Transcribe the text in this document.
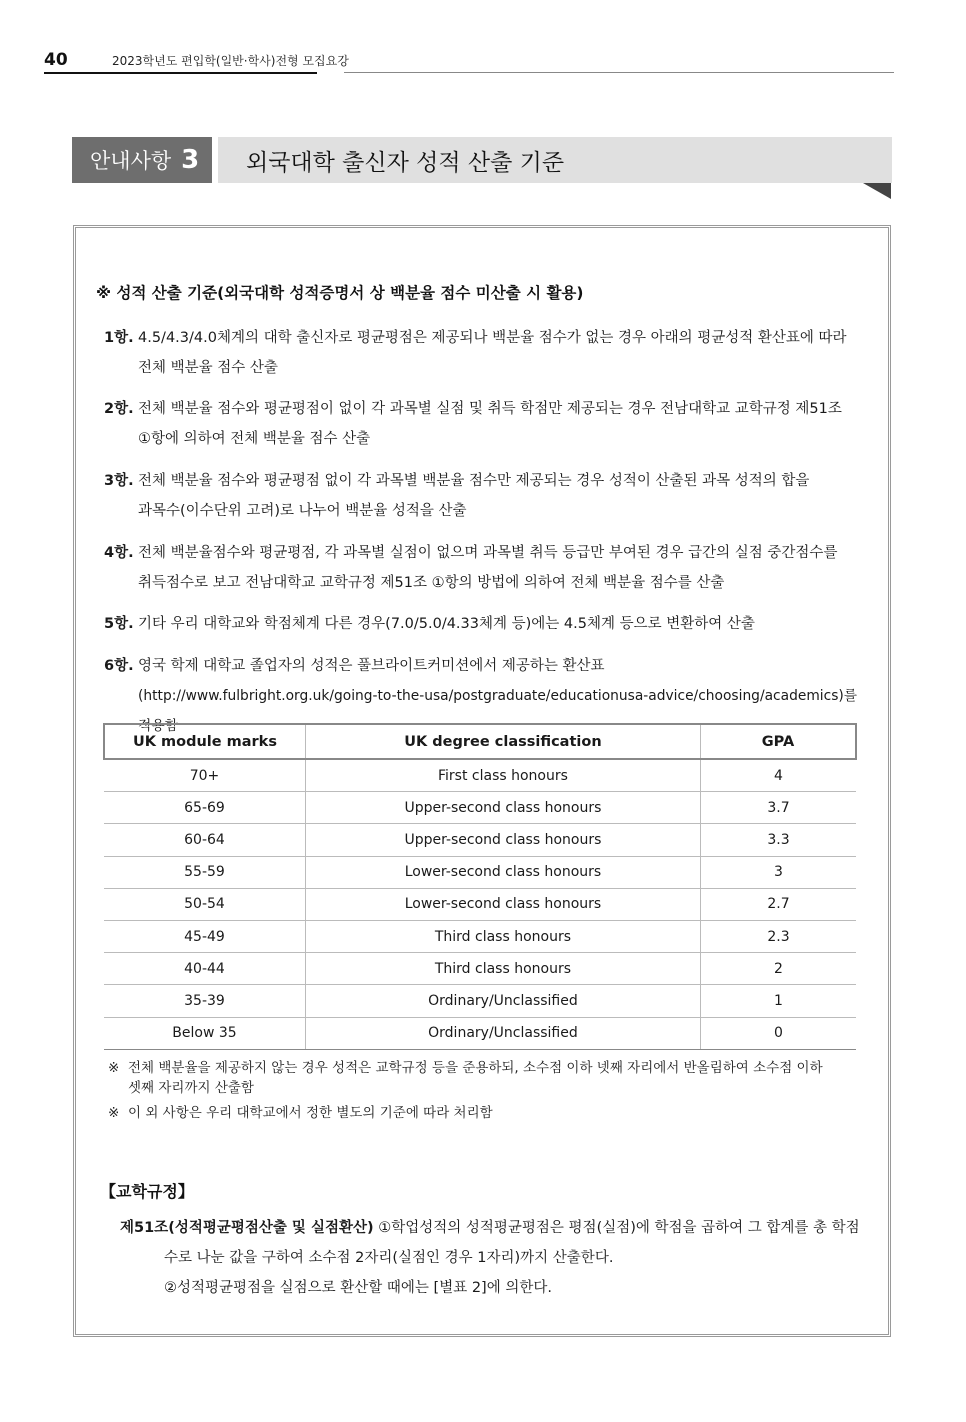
40	2023학년도 편입학(일반·학사)전형 모집요강
안내사항 3	외국대학 출신자 성적 산출 기준
※ 성적 산출 기준(외국대학 성적증명서 상 백분율 점수 미산출 시 활용)
1항. 4.5/4.3/4.0체계의 대학 출신자로 평균평점은 제공되나 백분율 점수가 없는 경우 아래의 평균성적 환산표에 따라
전체 백분율 점수 산출
2항. 전체 백분율 점수와 평균평점이 없이 각 과목별 실점 및 취득 학점만 제공되는 경우 전남대학교 교학규정 제51조
①항에 의하여 전체 백분율 점수 산출
3항. 전체 백분율 점수와 평균평점 없이 각 과목별 백분율 점수만 제공되는 경우 성적이 산출된 과목 성적의 합을
과목수(이수단위 고려)로 나누어 백분율 성적을 산출
4항. 전체 백분율점수와 평균평점, 각 과목별 실점이 없으며 과목별 취득 등급만 부여된 경우 급간의 실점 중간점수를
취득점수로 보고 전남대학교 교학규정 제51조 ①항의 방법에 의하여 전체 백분율 점수를 산출
5항. 기타 우리 대학교와 학점체계 다른 경우(7.0/5.0/4.33체계 등)에는 4.5체계 등으로 변환하여 산출
6항. 영국 학제 대학교 졸업자의 성적은 풀브라이트커미션에서 제공하는 환산표
(http://www.fulbright.org.uk/going-to-the-usa/postgraduate/educationusa-advice/choosing/academics)를 적용함
UK module marks	UK degree classification	GPA
70+	First class honours	4
65-69	Upper-second class honours	3.7
60-64	Upper-second class honours	3.3
55-59	Lower-second class honours	3
50-54	Lower-second class honours	2.7
45-49	Third class honours	2.3
40-44	Third class honours	2
35-39	Ordinary/Unclassified	1
Below 35	Ordinary/Unclassified	0
※ 전체 백분율을 제공하지 않는 경우 성적은 교학규정 등을 준용하되, 소수점 이하 넷째 자리에서 반올림하여 소수점 이하
셋째 자리까지 산출함
※ 이 외 사항은 우리 대학교에서 정한 별도의 기준에 따라 처리함
【교학규정】
제51조(성적평균평점산출 및 실점환산) ①학업성적의 성적평균평점은 평점(실점)에 학점을 곱하여 그 합계를 총 학점
수로 나눈 값을 구하여 소수점 2자리(실점인 경우 1자리)까지 산출한다.
②성적평균평점을 실점으로 환산할 때에는 [별표 2]에 의한다.
